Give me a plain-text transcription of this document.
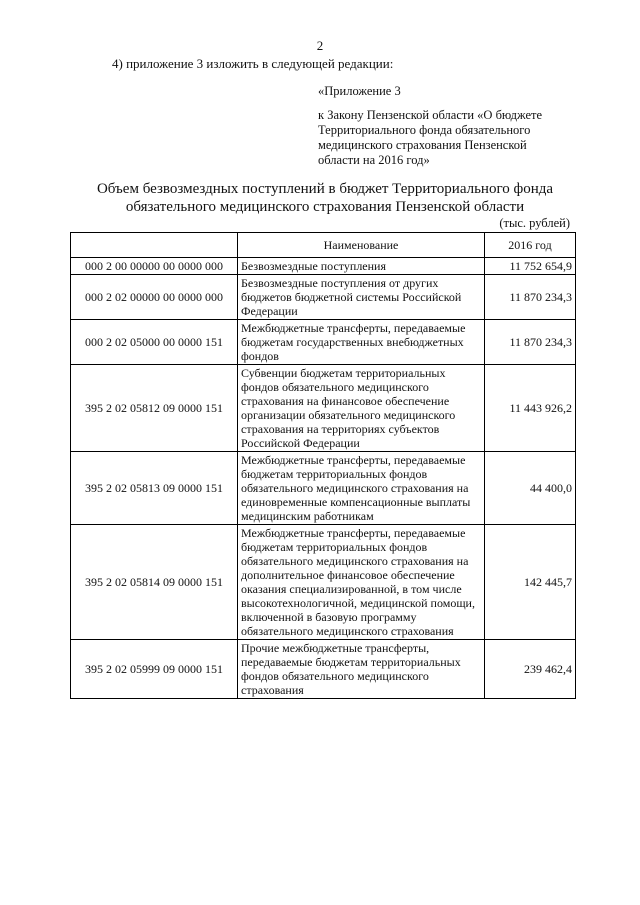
2
4) приложение 3 изложить в следующей редакции:
«Приложение 3
к Закону Пензенской области «О бюджете Территориального фонда обязательного медицинского страхования Пензенской области на 2016 год»
Объем безвозмездных поступлений в бюджет Территориального фонда обязательного медицинского страхования Пензенской области
(тыс. рублей)
	Наименование	2016 год
000 2 00 00000 00 0000 000	Безвозмездные поступления	11 752 654,9
000 2 02 00000 00 0000 000	Безвозмездные поступления от других бюджетов бюджетной системы Российской Федерации	11 870 234,3
000 2 02 05000 00 0000 151	Межбюджетные трансферты, передаваемые бюджетам государственных внебюджетных фондов	11 870 234,3
395 2 02 05812 09 0000 151	Субвенции бюджетам территориальных фондов обязательного медицинского страхования на финансовое обеспечение организации обязательного медицинского страхования на территориях субъектов Российской Федерации	11 443 926,2
395 2 02 05813 09 0000 151	Межбюджетные трансферты, передаваемые бюджетам территориальных фондов обязательного медицинского страхования на единовременные компенсационные выплаты медицинским работникам	44 400,0
395 2 02 05814 09 0000 151	Межбюджетные трансферты, передаваемые бюджетам территориальных фондов обязательного медицинского страхования на дополнительное финансовое обеспечение оказания специализированной, в том числе высокотехнологичной, медицинской помощи, включенной в базовую программу обязательного медицинского страхования	142 445,7
395 2 02 05999 09 0000 151	Прочие межбюджетные трансферты, передаваемые бюджетам территориальных фондов обязательного медицинского страхования	239 462,4
